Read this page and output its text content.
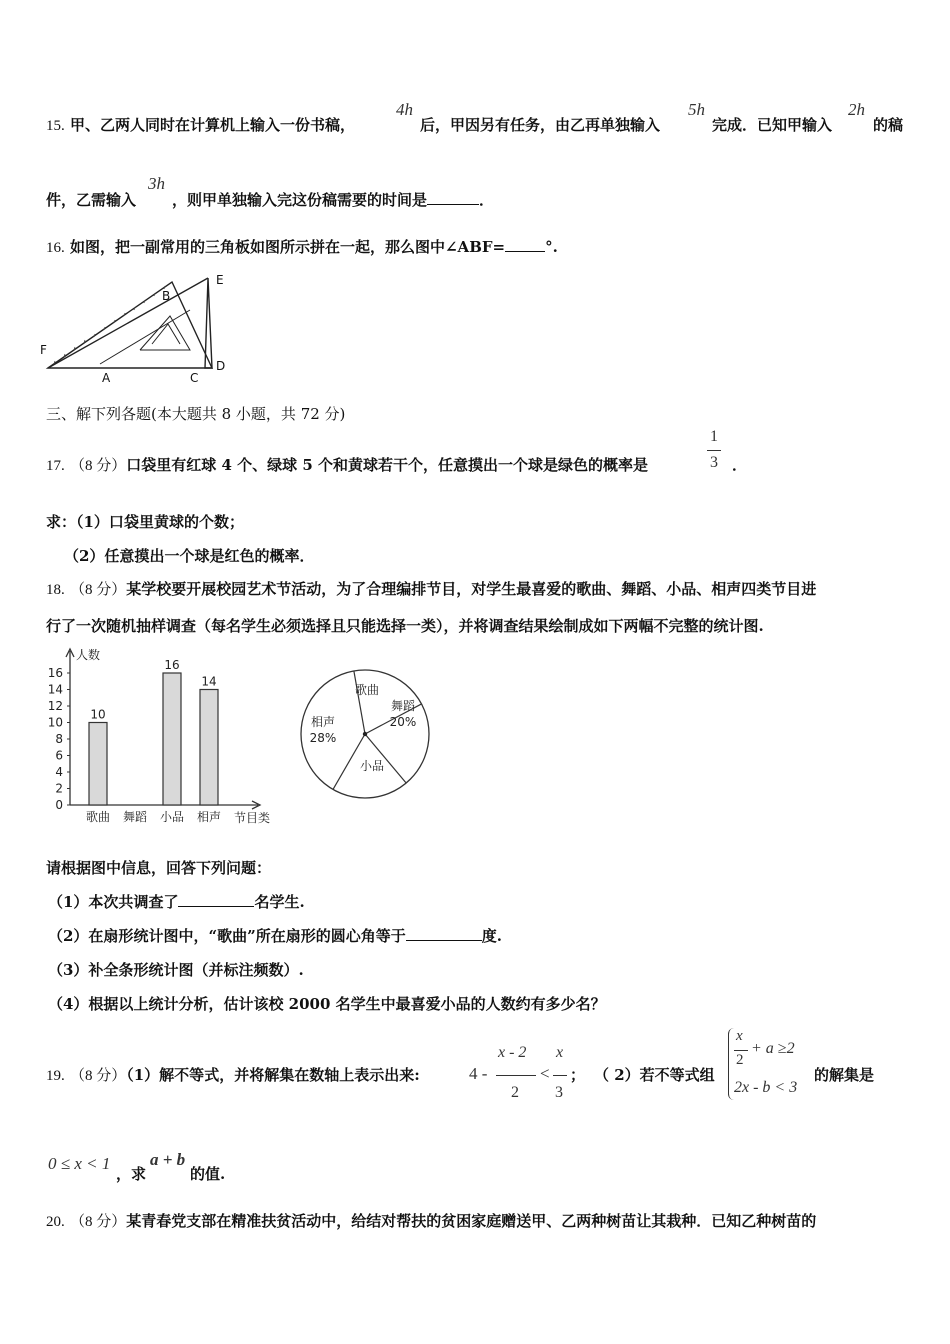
15. 甲、乙两人同时在计算机上输入一份书稿，
4h
后，甲因另有任务，由乙再单独输入
5h
完成．已知甲输入
2h
的稿
件，乙需输入
3h
，则甲单独输入完这份稿需要的时间是	．
16. 如图，把一副常用的三角板如图所示拼在一起，那么图中∠ABF=	°.
E
B
F
A	C
D
三、解下列各题(本大题共 8 小题，共 72 分)
17. （8 分）口袋里有红球 4 个、绿球 5 个和黄球若干个，任意摸出一个球是绿色的概率是
1
3 ．
求：（1）口袋里黄球的个数；
（2）任意摸出一个球是红色的概率．
18. （8 分）某学校要开展校园艺术节活动，为了合理编排节目，对学生最喜爱的歌曲、舞蹈、小品、相声四类节目进
行了一次随机抽样调查（每名学生必须选择且只能选择一类），并将调查结果绘制成如下两幅不完整的统计图.
人数
节目类
0
2
4
6
8
10
12
14
16
歌曲
10
舞蹈 小品
16
相声
14
歌曲
舞蹈
20%
小品
相声
28%
请根据图中信息，回答下列问题：
（1）本次共调查了	名学生.
（2）在扇形统计图中，“歌曲”所在扇形的圆心角等于	度.
（3）补全条形统计图（并标注频数）.
（4）根据以上统计分析，估计该校 2000 名学生中最喜爱小品的人数约有多少名？
19. （8 分）（1）解不等式，并将解集在数轴上表示出来:	4 -
x - 2
2
<
x
3
； （ 2）若不等式组
x
2
+ a ≥2
2x - b < 3
的解集是
0 ≤ x < 1
，求
a + b
的值.
20. （8 分）某青春党支部在精准扶贫活动中，给结对帮扶的贫困家庭赠送甲、乙两种树苗让其栽种．已知乙种树苗的
